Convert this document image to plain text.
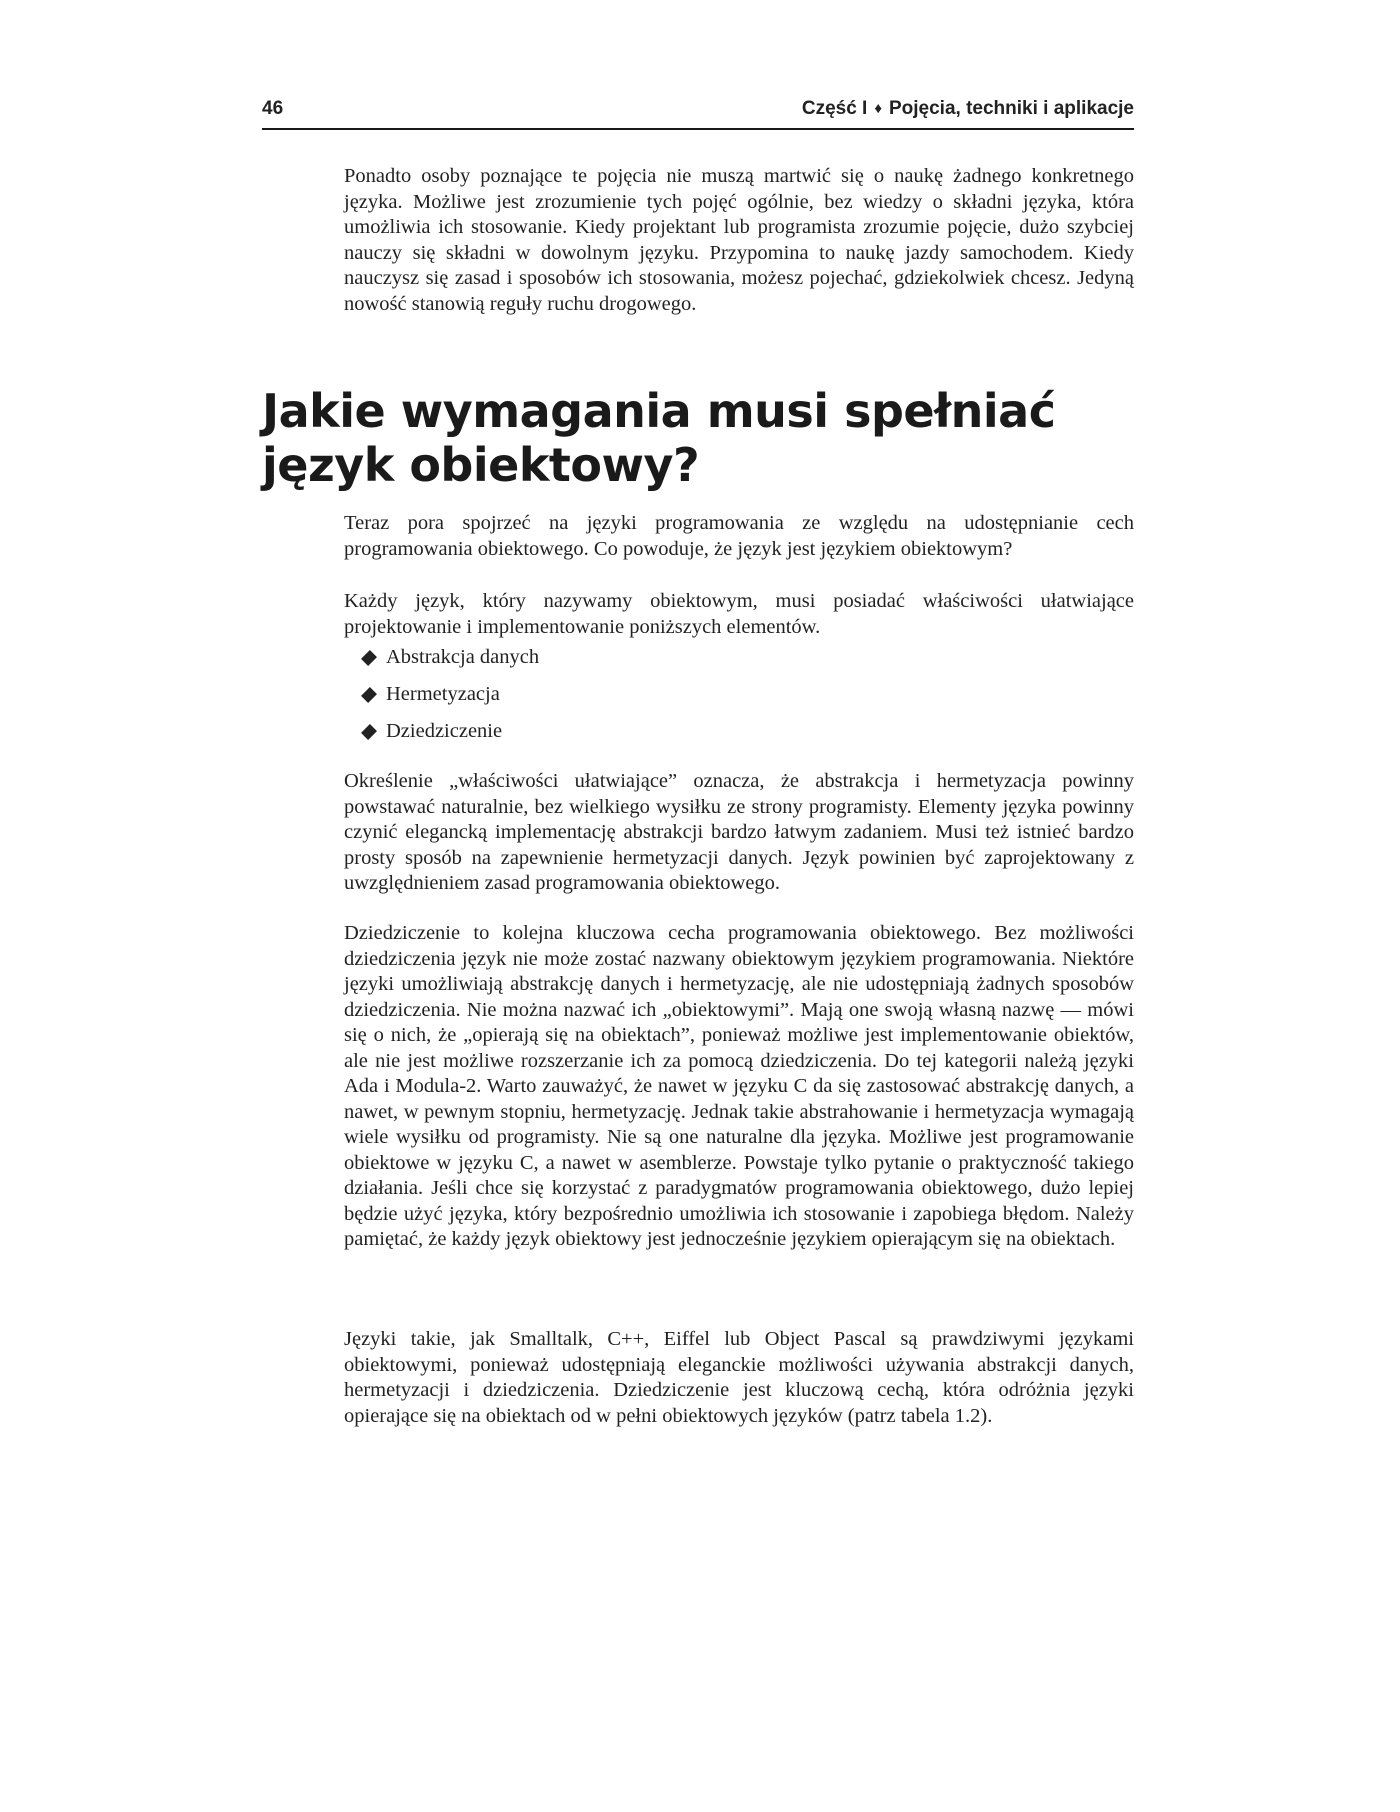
46	Część I ♦ Pojęcia, techniki i aplikacje

Ponadto osoby poznające te pojęcia nie muszą martwić się o naukę żadnego konkretnego języka. Możliwe jest zrozumienie tych pojęć ogólnie, bez wiedzy o składni języka, która umożliwia ich stosowanie. Kiedy projektant lub programista zrozumie pojęcie, dużo szybciej nauczy się składni w dowolnym języku. Przypomina to naukę jazdy samochodem. Kiedy nauczysz się zasad i sposobów ich stosowania, możesz pojechać, gdziekolwiek chcesz. Jedyną nowość stanowią reguły ruchu drogowego.

Jakie wymagania musi spełniać
język obiektowy?

Teraz pora spojrzeć na języki programowania ze względu na udostępnianie cech programowania obiektowego. Co powoduje, że język jest językiem obiektowym?

Każdy język, który nazywamy obiektowym, musi posiadać właściwości ułatwiające projektowanie i implementowanie poniższych elementów.

Abstrakcja danych
Hermetyzacja
Dziedziczenie

Określenie „właściwości ułatwiające” oznacza, że abstrakcja i hermetyzacja powinny powstawać naturalnie, bez wielkiego wysiłku ze strony programisty. Elementy języka powinny czynić elegancką implementację abstrakcji bardzo łatwym zadaniem. Musi też istnieć bardzo prosty sposób na zapewnienie hermetyzacji danych. Język powinien być zaprojektowany z uwzględnieniem zasad programowania obiektowego.

Dziedziczenie to kolejna kluczowa cecha programowania obiektowego. Bez możliwości dziedziczenia język nie może zostać nazwany obiektowym językiem programowania. Niektóre języki umożliwiają abstrakcję danych i hermetyzację, ale nie udostępniają żadnych sposobów dziedziczenia. Nie można nazwać ich „obiektowymi”. Mają one swoją własną nazwę — mówi się o nich, że „opierają się na obiektach”, ponieważ możliwe jest implementowanie obiektów, ale nie jest możliwe rozszerzanie ich za pomocą dziedziczenia. Do tej kategorii należą języki Ada i Modula-2. Warto zauważyć, że nawet w języku C da się zastosować abstrakcję danych, a nawet, w pewnym stopniu, hermetyzację. Jednak takie abstrahowanie i hermetyzacja wymagają wiele wysiłku od programisty. Nie są one naturalne dla języka. Możliwe jest programowanie obiektowe w języku C, a nawet w asemblerze. Powstaje tylko pytanie o praktyczność takiego działania. Jeśli chce się korzystać z paradygmatów programowania obiektowego, dużo lepiej będzie użyć języka, który bezpośrednio umożliwia ich stosowanie i zapobiega błędom. Należy pamiętać, że każdy język obiektowy jest jednocześnie językiem opierającym się na obiektach.

Języki takie, jak Smalltalk, C++, Eiffel lub Object Pascal są prawdziwymi językami obiektowymi, ponieważ udostępniają eleganckie możliwości używania abstrakcji danych, hermetyzacji i dziedziczenia. Dziedziczenie jest kluczową cechą, która odróżnia języki opierające się na obiektach od w pełni obiektowych języków (patrz tabela 1.2).
